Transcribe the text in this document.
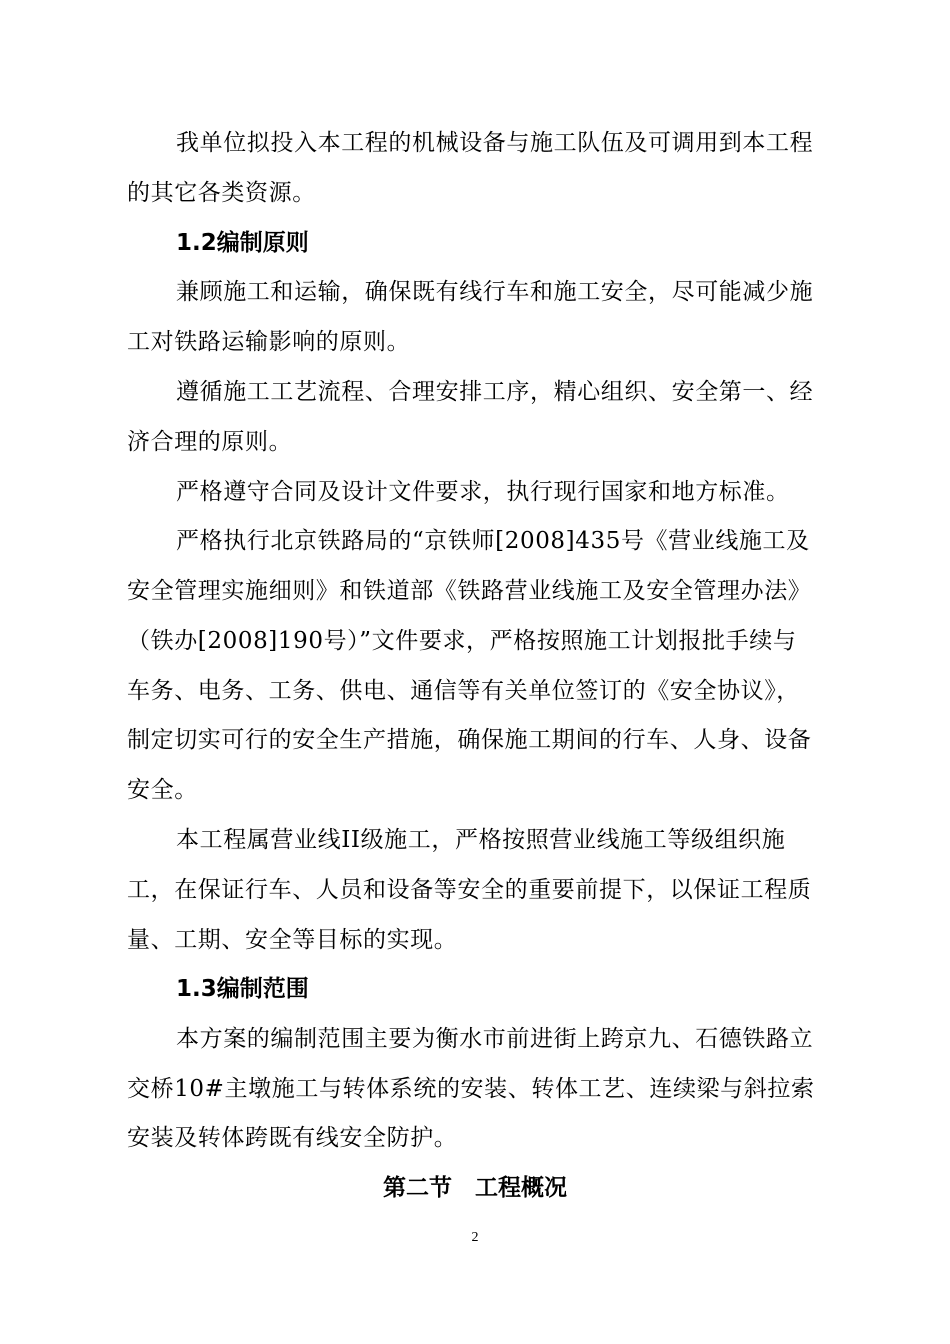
我单位拟投入本工程的机械设备与施工队伍及可调用到本工程
的其它各类资源。
1.2编制原则
兼顾施工和运输，确保既有线行车和施工安全，尽可能减少施
工对铁路运输影响的原则。
遵循施工工艺流程、合理安排工序，精心组织、安全第一、经
济合理的原则。
严格遵守合同及设计文件要求，执行现行国家和地方标准。
严格执行北京铁路局的“京铁师[2008]435号《营业线施工及
安全管理实施细则》和铁道部《铁路营业线施工及安全管理办法》
（铁办[2008]190号）”文件要求，严格按照施工计划报批手续与
车务、电务、工务、供电、通信等有关单位签订的《安全协议》，
制定切实可行的安全生产措施，确保施工期间的行车、人身、设备
安全。
本工程属营业线II级施工，严格按照营业线施工等级组织施
工，在保证行车、人员和设备等安全的重要前提下，以保证工程质
量、工期、安全等目标的实现。
1.3编制范围
本方案的编制范围主要为衡水市前进街上跨京九、石德铁路立
交桥10#主墩施工与转体系统的安装、转体工艺、连续梁与斜拉索
安装及转体跨既有线安全防护。
第二节　工程概况
2
